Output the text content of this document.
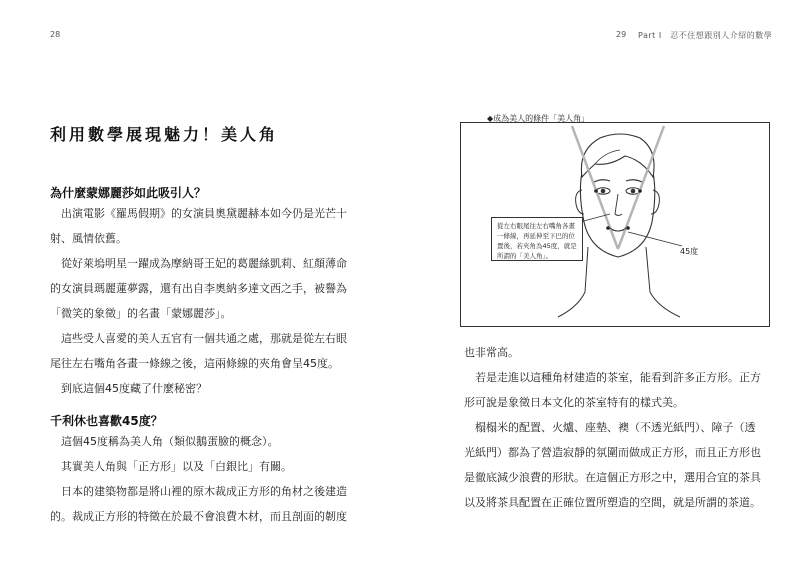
28	29 Part Ⅰ　忍不住想跟別人介紹的數學
利用數學展現魅力！美人角
為什麼蒙娜麗莎如此吸引人？

　出演電影《羅馬假期》的女演員奧黛麗赫本如今仍是光芒十

射、風情依舊。

　從好萊塢明星一躍成為摩納哥王妃的葛麗絲凱莉、紅顏薄命

的女演員瑪麗蓮夢露，還有出自李奧納多達文西之手，被譽為

「微笑的象徵」的名畫「蒙娜麗莎」。

　這些受人喜愛的美人五官有一個共通之處，那就是從左右眼

尾往左右嘴角各畫一條線之後，這兩條線的夾角會呈45度。

　到底這個45度藏了什麼秘密？

千利休也喜歡45度？

　這個45度稱為美人角（類似鵝蛋臉的概念）。

　其實美人角與「正方形」以及「白銀比」有關。

　日本的建築物都是將山裡的原木裁成正方形的角材之後建造

的。裁成正方形的特徵在於最不會浪費木材，而且剖面的韌度

◆成為美人的條件「美人角」
從左右眼尾往左右嘴角各畫
一條線，再延伸至下巴的位
置後，若夾角為45度，就是
所謂的「美人角」。	45度

也非常高。

　若是走進以這種角材建造的茶室，能看到許多正方形。正方

形可說是象徵日本文化的茶室特有的樣式美。

　榻榻米的配置、火爐、座墊、襖（不透光紙門）、障子（透

光紙門）都為了營造寂靜的氛圍而做成正方形，而且正方形也

是徹底減少浪費的形狀。在這個正方形之中，選用合宜的茶具

以及將茶具配置在正確位置所塑造的空間，就是所謂的茶道。
